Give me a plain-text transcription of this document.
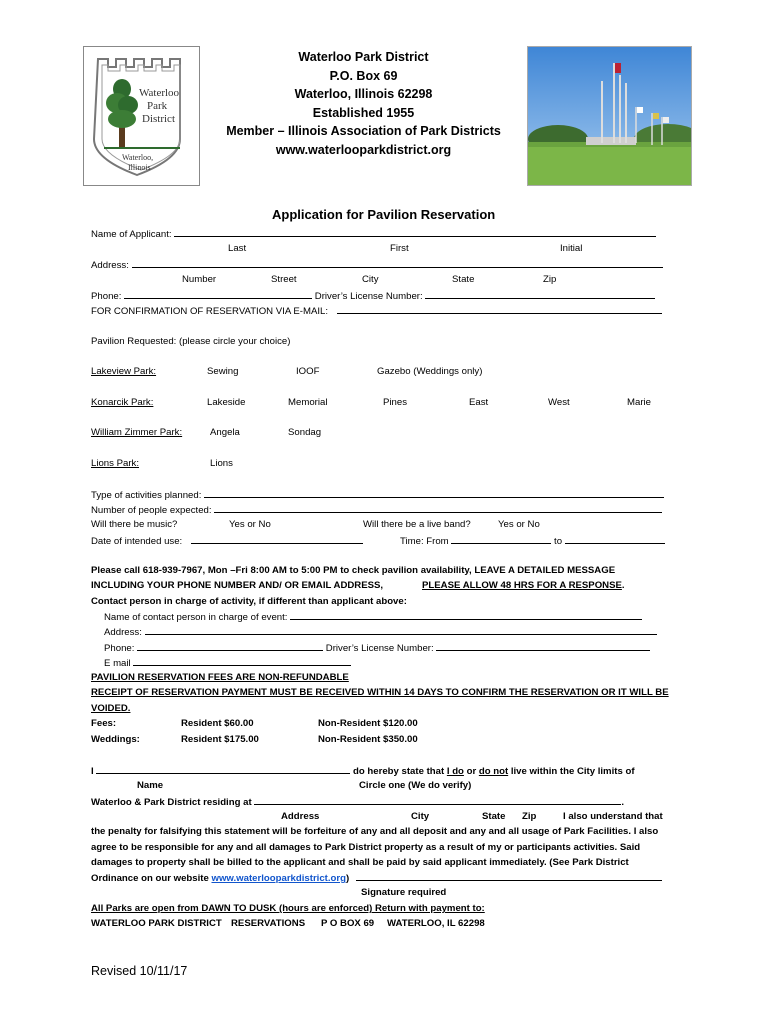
Waterloo
Park
District
Waterloo,
Illinois
Waterloo Park District
P.O. Box 69
Waterloo, Illinois 62298
Established 1955
Member – Illinois Association of Park Districts
www.waterlooparkdistrict.org
Application for Pavilion Reservation
Name of Applicant:
Last	First	Initial
Address:
Number	Street	City	State	Zip
Phone:	Driver’s License Number:
FOR CONFIRMATION OF RESERVATION VIA E-MAIL:
Pavilion Requested: (please circle your choice)
Lakeview Park:	Sewing	IOOF	Gazebo (Weddings only)
Konarcik Park:	Lakeside	Memorial	Pines	East	West	Marie
William Zimmer Park:	Angela	Sondag
Lions Park:	Lions
Type of activities planned:
Number of people expected:
Will there be music?	Yes or No	Will there be a live band?	Yes or No
Date of intended use:	Time: From	to
Please call 618-939-7967, Mon –Fri 8:00 AM to 5:00 PM to check pavilion availability, LEAVE A DETAILED MESSAGE
INCLUDING YOUR PHONE NUMBER AND/ OR EMAIL ADDRESS,	PLEASE ALLOW 48 HRS FOR A RESPONSE.
Contact person in charge of activity, if different than applicant above:
Name of contact person in charge of event:
Address:
Phone:	Driver’s License Number:
E mail
PAVILION RESERVATION FEES ARE NON-REFUNDABLE
RECEIPT OF RESERVATION PAYMENT MUST BE RECEIVED WITHIN 14 DAYS TO CONFIRM THE RESERVATION OR IT WILL BE
VOIDED.
Fees:	Resident $60.00	Non-Resident $120.00
Weddings:	Resident $175.00	Non-Resident $350.00
I	do hereby state that I do or do not live within the City limits of
Name	Circle one (We do verify)
Waterloo & Park District residing at	.
Address	City	State Zip	I also understand that
the penalty for falsifying this statement will be forfeiture of any and all deposit and any and all usage of Park Facilities. I also
agree to be responsible for any and all damages to Park District property as a result of my or participants activities. Said
damages to property shall be billed to the applicant and shall be paid by said applicant immediately. (See Park District
Ordinance on our website www.waterlooparkdistrict.org)
Signature required
All Parks are open from DAWN TO DUSK (hours are enforced) Return with payment to:
WATERLOO PARK DISTRICT RESERVATIONS P O BOX 69 WATERLOO, IL 62298
Revised 10/11/17
